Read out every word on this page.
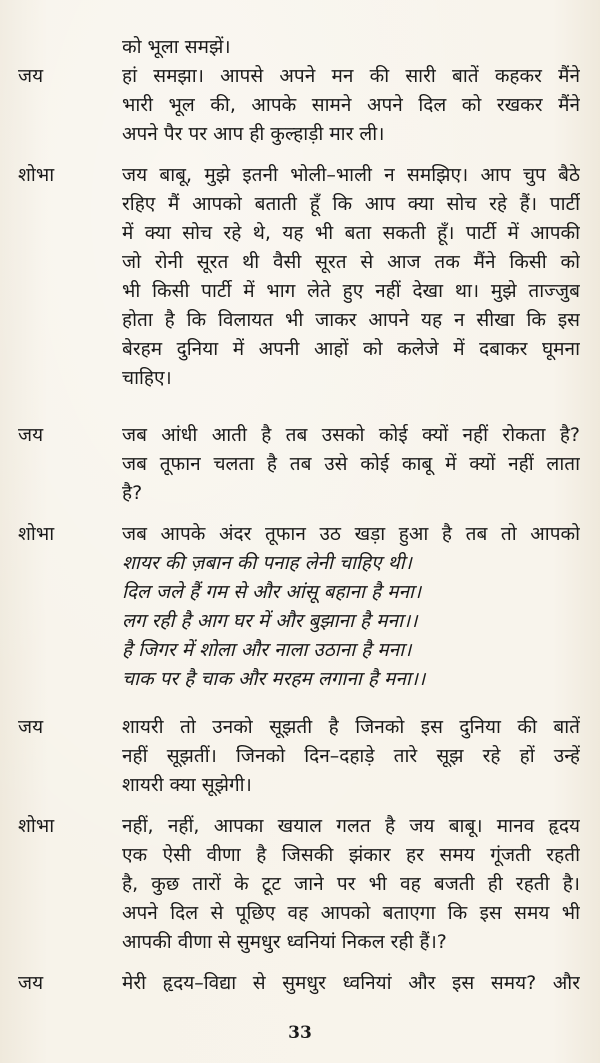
को भूला समझें।
जय	हां समझा। आपसे अपने मन की सारी बातें कहकर मैंने
भारी भूल की, आपके सामने अपने दिल को रखकर मैंने
अपने पैर पर आप ही कुल्हाड़ी मार ली।
शोभा	जय बाबू, मुझे इतनी भोली–भाली न समझिए। आप चुप बैठे
रहिए मैं आपको बताती हूँ कि आप क्या सोच रहे हैं। पार्टी
में क्या सोच रहे थे, यह भी बता सकती हूँ। पार्टी में आपकी
जो रोनी सूरत थी वैसी सूरत से आज तक मैंने किसी को
भी किसी पार्टी में भाग लेते हुए नहीं देखा था। मुझे ताज्जुब
होता है कि विलायत भी जाकर आपने यह न सीखा कि इस
बेरहम दुनिया में अपनी आहों को कलेजे में दबाकर घूमना
चाहिए।
जय	जब आंधी आती है तब उसको कोई क्यों नहीं रोकता है?
जब तूफान चलता है तब उसे कोई काबू में क्यों नहीं लाता
है?
शोभा	जब आपके अंदर तूफान उठ खड़ा हुआ है तब तो आपको
शायर की ज़बान की पनाह लेनी चाहिए थी।
दिल जले हैं गम से और आंसू बहाना है मना।
लग रही है आग घर में और बुझाना है मना।।
है जिगर में शोला और नाला उठाना है मना।
चाक पर है चाक और मरहम लगाना है मना।।
जय	शायरी तो उनको सूझती है जिनको इस दुनिया की बातें
नहीं सूझतीं। जिनको दिन–दहाड़े तारे सूझ रहे हों उन्हें
शायरी क्या सूझेगी।
शोभा	नहीं, नहीं, आपका खयाल गलत है जय बाबू। मानव हृदय
एक ऐसी वीणा है जिसकी झंकार हर समय गूंजती रहती
है, कुछ तारों के टूट जाने पर भी वह बजती ही रहती है।
अपने दिल से पूछिए वह आपको बताएगा कि इस समय भी
आपकी वीणा से सुमधुर ध्वनियां निकल रही हैं।?
जय	मेरी हृदय–विद्या से सुमधुर ध्वनियां और इस समय? और
33
